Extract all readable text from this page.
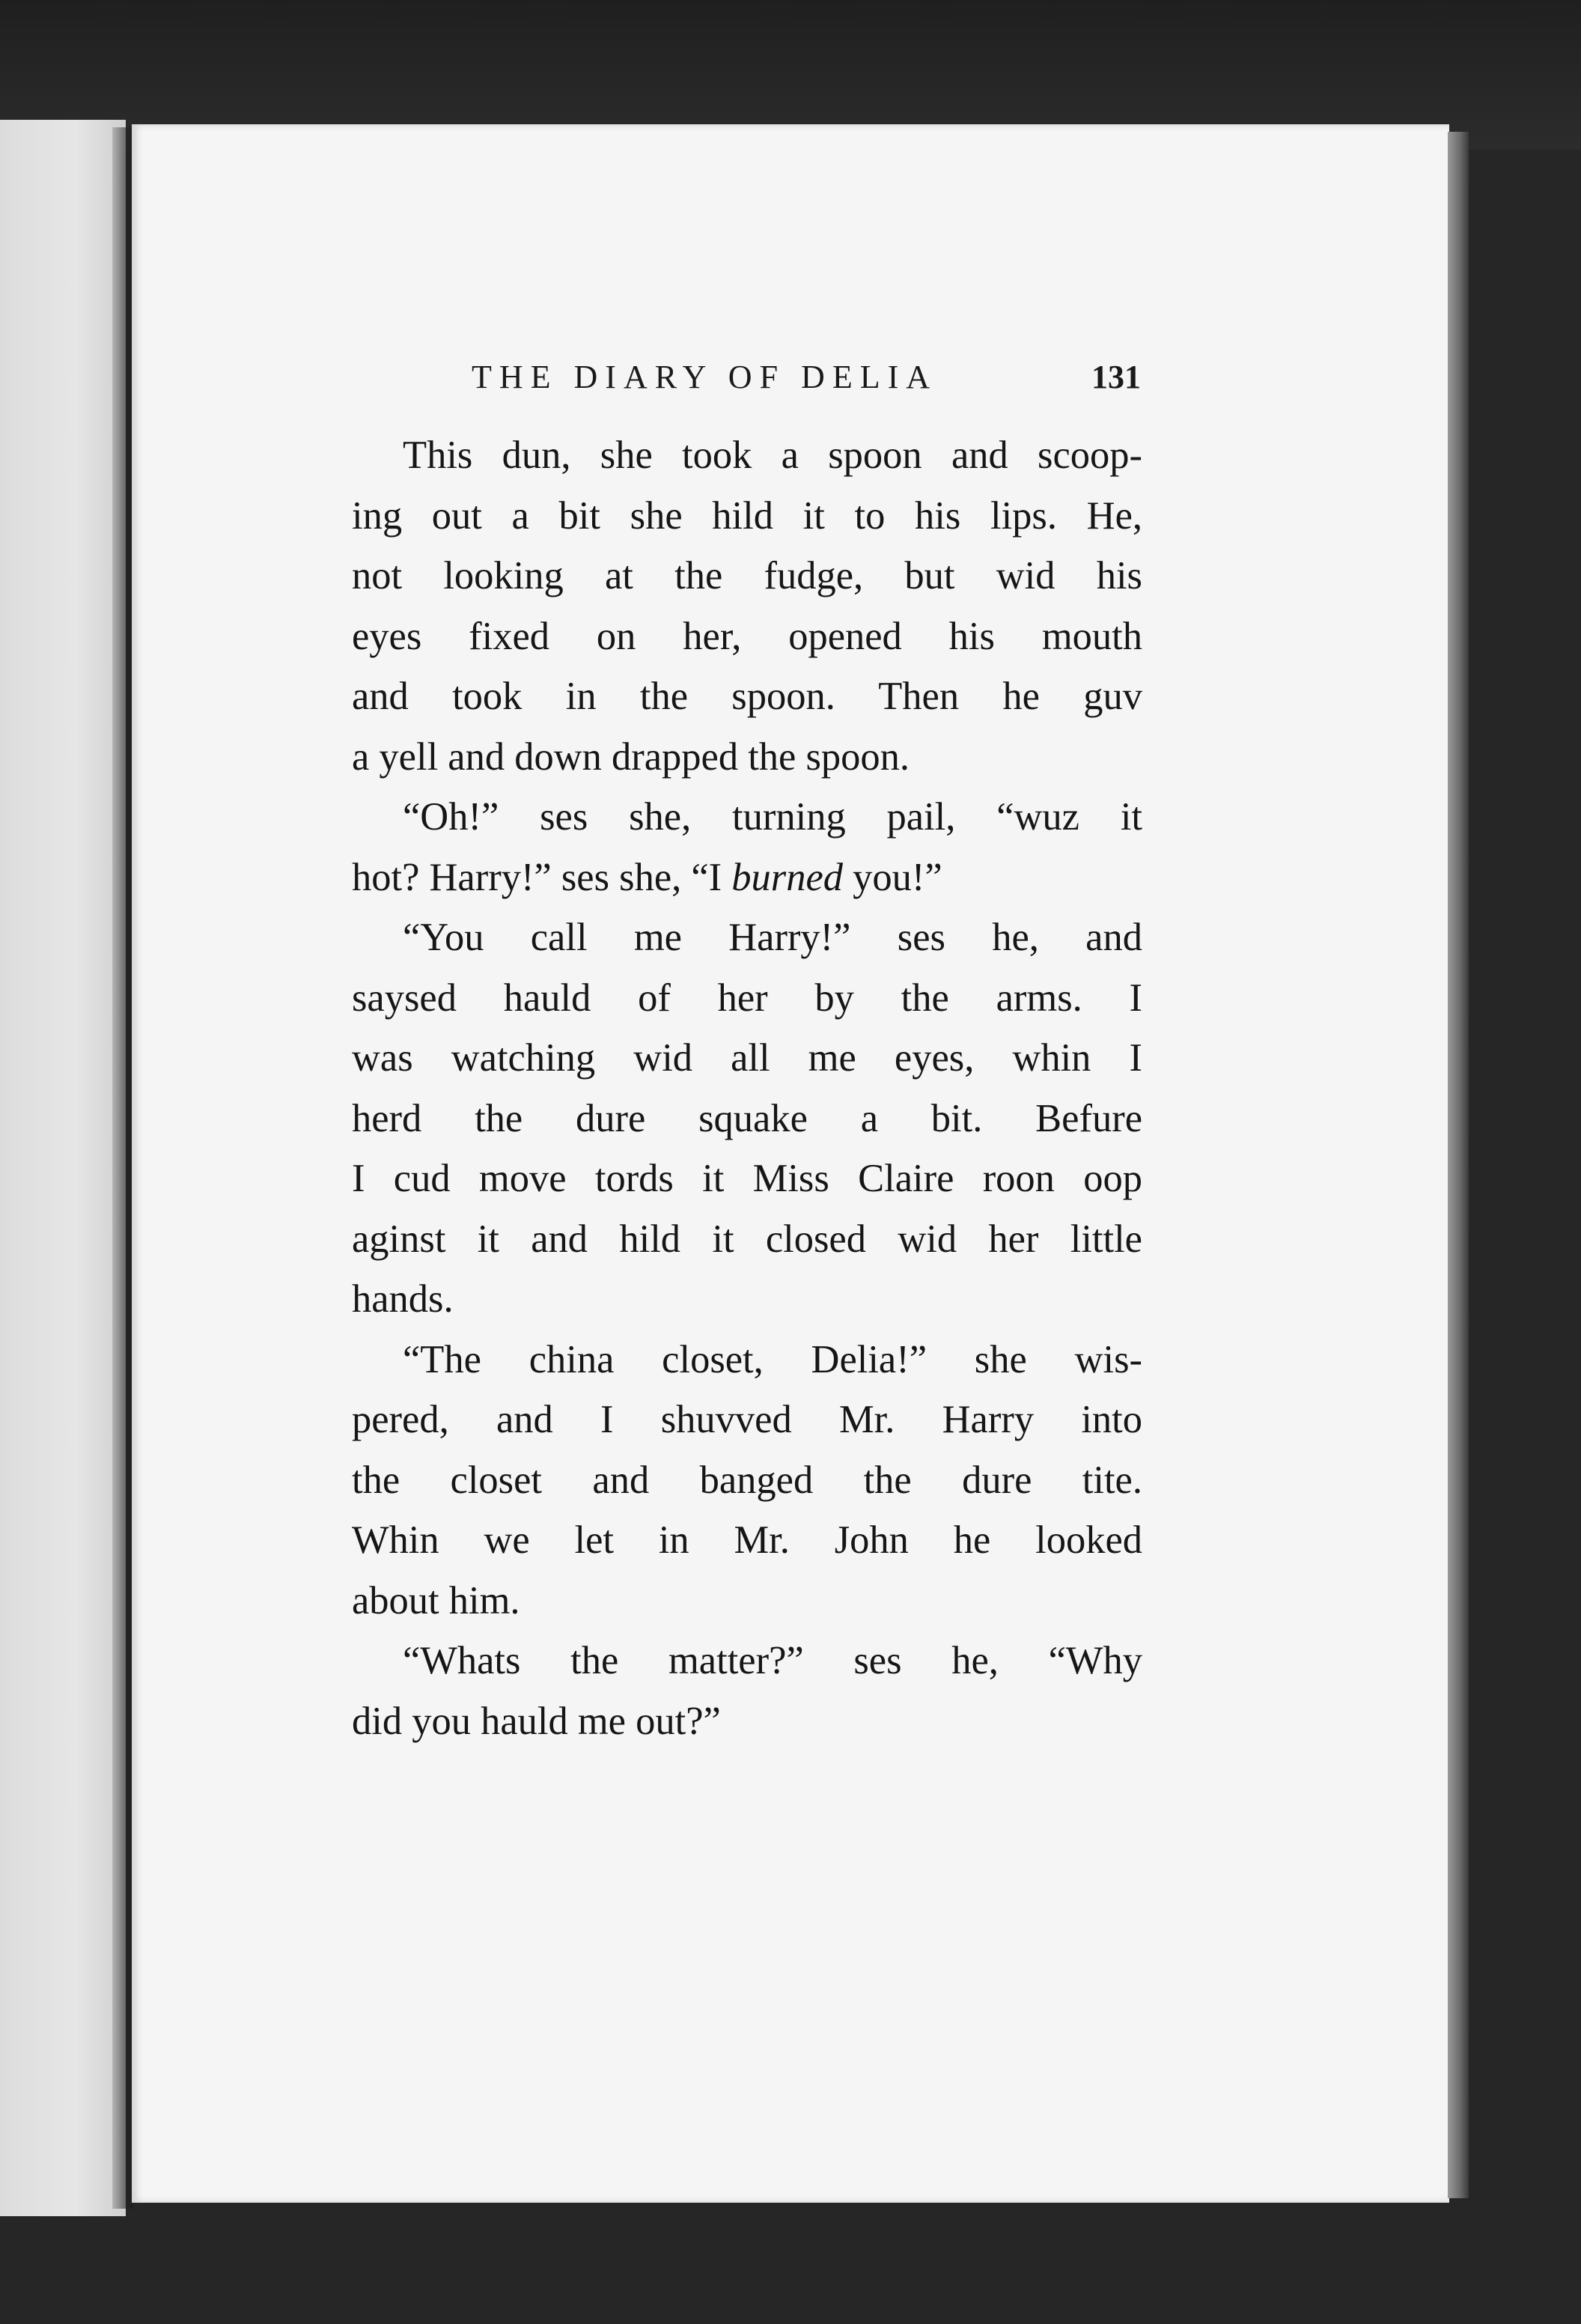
THE DIARY OF DELIA	131

This dun, she took a spoon and scoop-
ing out a bit she hild it to his lips. He,
not looking at the fudge, but wid his
eyes fixed on her, opened his mouth
and took in the spoon. Then he guv
a yell and down drapped the spoon.

“Oh!” ses she, turning pail, “wuz it
hot? Harry!” ses she, “I burned you!”

“You call me Harry!” ses he, and
saysed hauld of her by the arms. I
was watching wid all me eyes, whin I
herd the dure squake a bit. Befure
I cud move tords it Miss Claire roon oop
aginst it and hild it closed wid her little
hands.

“The china closet, Delia!” she wis-
pered, and I shuvved Mr. Harry into
the closet and banged the dure tite.
Whin we let in Mr. John he looked
about him.

“Whats the matter?” ses he, “Why
did you hauld me out?”
